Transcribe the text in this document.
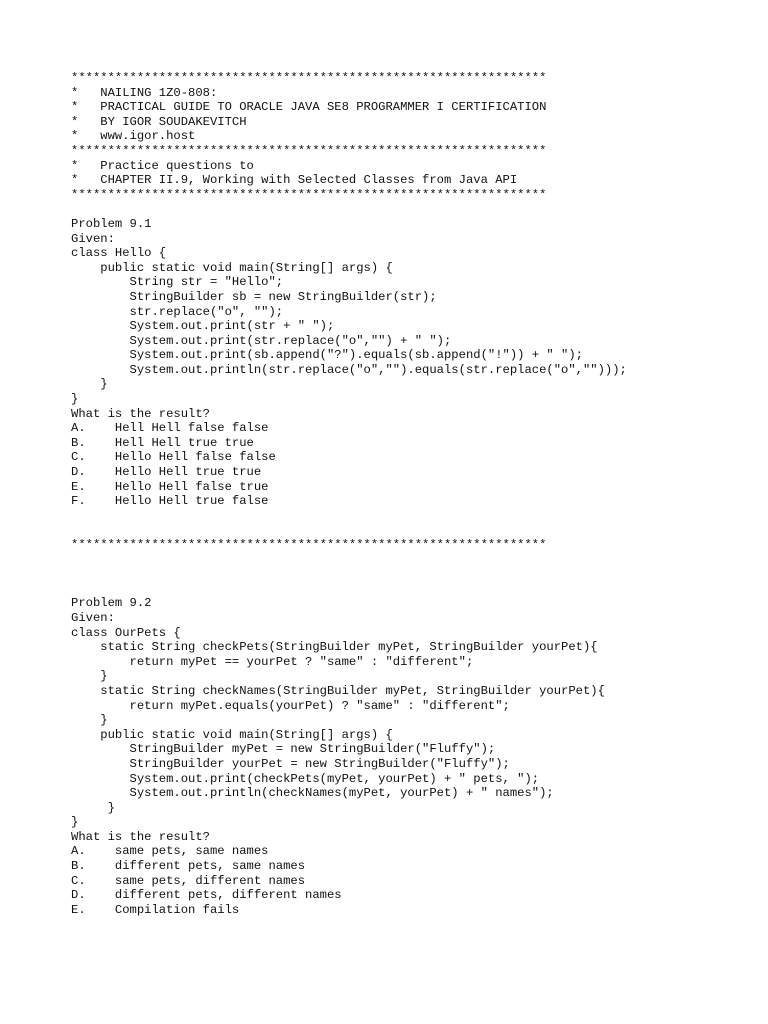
*****************************************************************
*   NAILING 1Z0-808:
*   PRACTICAL GUIDE TO ORACLE JAVA SE8 PROGRAMMER I CERTIFICATION
*   BY IGOR SOUDAKEVITCH
*   www.igor.host
*****************************************************************
*   Practice questions to
*   CHAPTER II.9, Working with Selected Classes from Java API
*****************************************************************
Problem 9.1
Given:
class Hello {
public static void main(String[] args) {
String str = "Hello";
StringBuilder sb = new StringBuilder(str);
str.replace("o", "");
System.out.print(str + " ");
System.out.print(str.replace("o","") + " ");
System.out.print(sb.append("?").equals(sb.append("!")) + " ");
System.out.println(str.replace("o","").equals(str.replace("o","")));
}
}
What is the result?
A.    Hell Hell false false
B.    Hell Hell true true
C.    Hello Hell false false
D.    Hello Hell true true
E.    Hello Hell false true
F.    Hello Hell true false
*****************************************************************
Problem 9.2
Given:
class OurPets {
static String checkPets(StringBuilder myPet, StringBuilder yourPet){
return myPet == yourPet ? "same" : "different";
}
static String checkNames(StringBuilder myPet, StringBuilder yourPet){
return myPet.equals(yourPet) ? "same" : "different";
}
public static void main(String[] args) {
StringBuilder myPet = new StringBuilder("Fluffy");
StringBuilder yourPet = new StringBuilder("Fluffy");
System.out.print(checkPets(myPet, yourPet) + " pets, ");
System.out.println(checkNames(myPet, yourPet) + " names");
}
}
What is the result?
A.    same pets, same names
B.    different pets, same names
C.    same pets, different names
D.    different pets, different names
E.    Compilation fails
